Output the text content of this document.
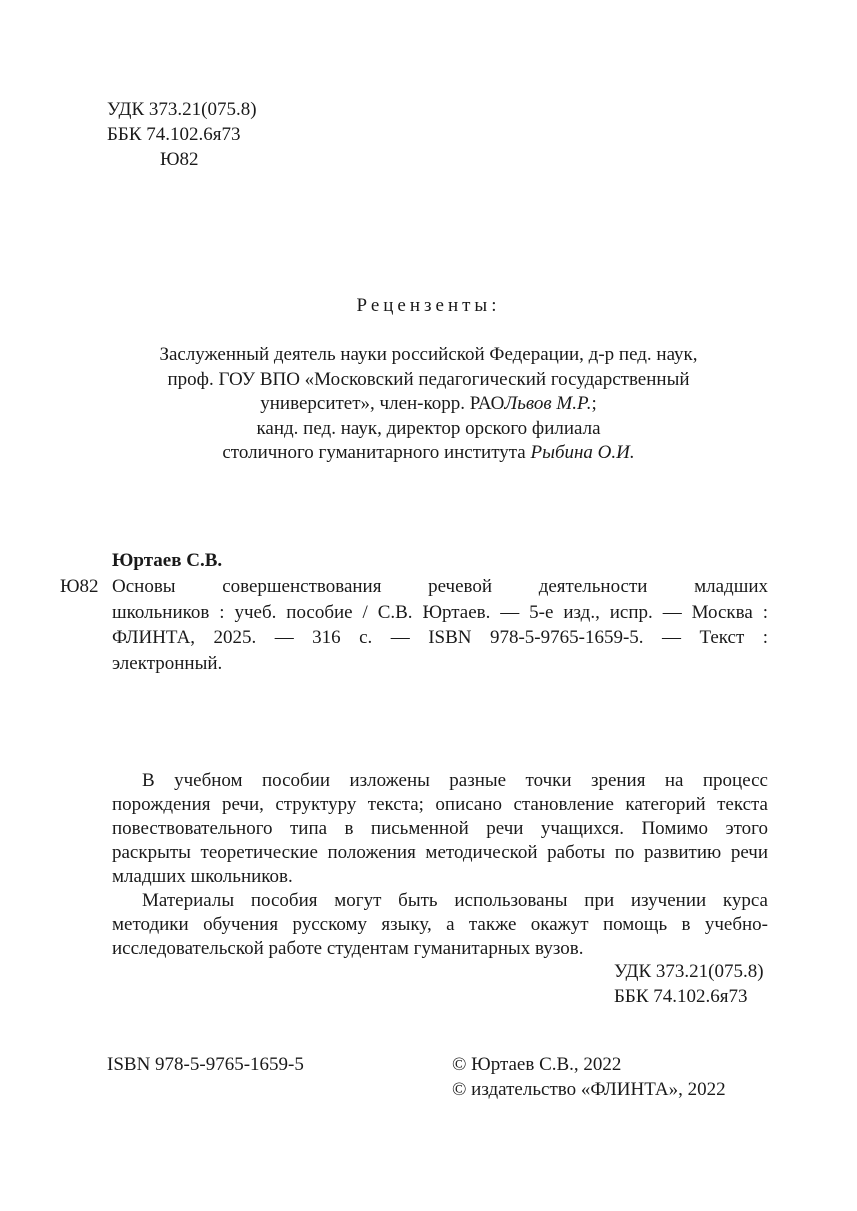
УДК 373.21(075.8)
ББК 74.102.6я73
Ю82
Рецензенты:
Заслуженный деятель науки российской Федерации, д-р пед. наук,
проф. ГОУ ВПО «Московский педагогический государственный
университет», член-корр. РАОЛьвов М.Р.;
канд. пед. наук, директор орского филиала
столичного гуманитарного института Рыбина О.И.
Юртаев С.В.
Ю82 Основы совершенствования речевой деятельности младших
школьников : учеб. пособие / С.В. Юртаев. — 5-е изд., испр. — Москва :
ФЛИНТА, 2025. — 316 с. — ISBN 978-5-9765-1659-5. — Текст :
электронный.
В учебном пособии изложены разные точки зрения на процесс
порождения речи, структуру текста; описано становление категорий текста
повествовательного типа в письменной речи учащихся. Помимо этого
раскрыты теоретические положения методической работы по развитию речи
младших школьников.
Материалы пособия могут быть использованы при изучении курса
методики обучения русскому языку, а также окажут помощь в учебно-
исследовательской работе студентам гуманитарных вузов.
УДК 373.21(075.8)
ББК 74.102.6я73
ISBN 978-5-9765-1659-5	© Юртаев С.В., 2022
© издательство «ФЛИНТА», 2022
